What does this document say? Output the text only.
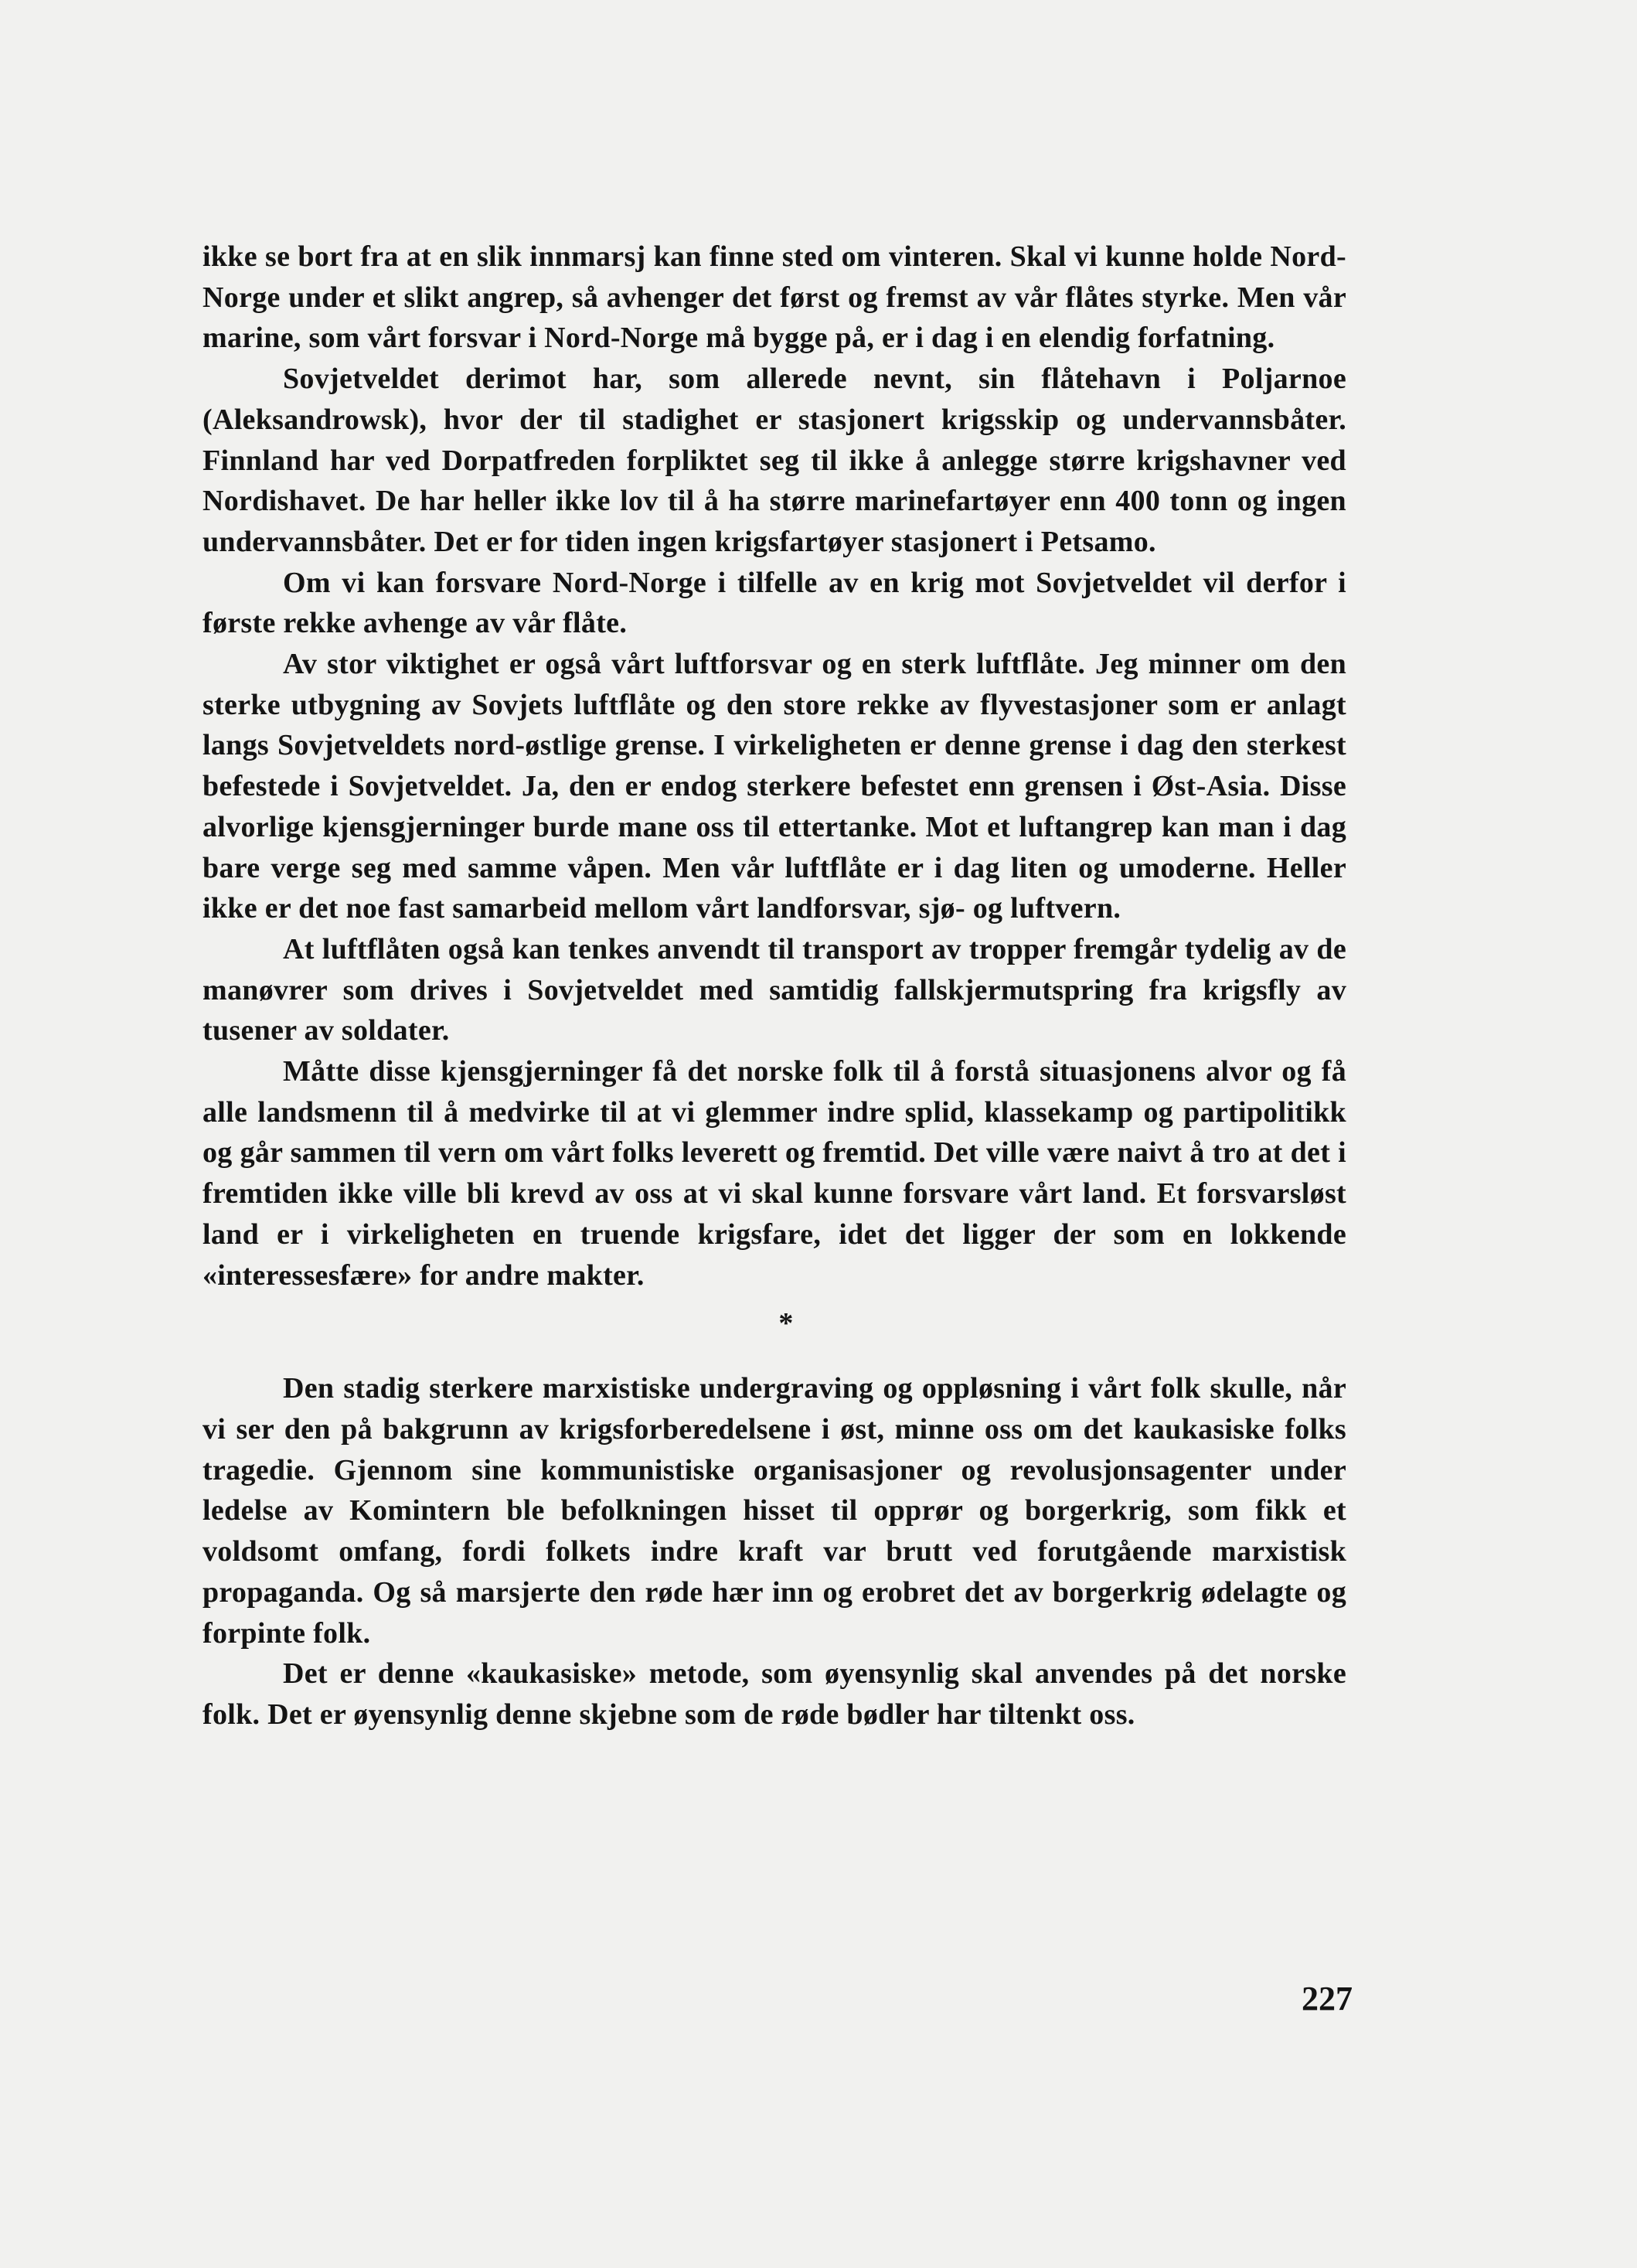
ikke se bort fra at en slik innmarsj kan finne sted om vinteren. Skal vi kunne holde Nord-Norge under et slikt angrep, så avhenger det først og fremst av vår flåtes styrke. Men vår marine, som vårt forsvar i Nord-Norge må bygge på, er i dag i en elendig forfatning.

Sovjetveldet derimot har, som allerede nevnt, sin flåtehavn i Poljarnoe (Aleksandrowsk), hvor der til stadighet er stasjonert krigsskip og undervannsbåter. Finnland har ved Dorpatfreden forpliktet seg til ikke å anlegge større krigshavner ved Nordishavet. De har heller ikke lov til å ha større marinefartøyer enn 400 tonn og ingen undervannsbåter. Det er for tiden ingen krigsfartøyer stasjonert i Petsamo.

Om vi kan forsvare Nord-Norge i tilfelle av en krig mot Sovjetveldet vil derfor i første rekke avhenge av vår flåte.

Av stor viktighet er også vårt luftforsvar og en sterk luftflåte. Jeg minner om den sterke utbygning av Sovjets luftflåte og den store rekke av flyvestasjoner som er anlagt langs Sovjetveldets nord-østlige grense. I virkeligheten er denne grense i dag den sterkest befestede i Sovjetveldet. Ja, den er endog sterkere befestet enn grensen i Øst-Asia. Disse alvorlige kjensgjerninger burde mane oss til ettertanke. Mot et luftangrep kan man i dag bare verge seg med samme våpen. Men vår luftflåte er i dag liten og umoderne. Heller ikke er det noe fast samarbeid mellom vårt landforsvar, sjø- og luftvern.

At luftflåten også kan tenkes anvendt til transport av tropper fremgår tydelig av de manøvrer som drives i Sovjetveldet med samtidig fallskjermutspring fra krigsfly av tusener av soldater.

Måtte disse kjensgjerninger få det norske folk til å forstå situasjonens alvor og få alle landsmenn til å medvirke til at vi glemmer indre splid, klassekamp og partipolitikk og går sammen til vern om vårt folks leverett og fremtid. Det ville være naivt å tro at det i fremtiden ikke ville bli krevd av oss at vi skal kunne forsvare vårt land. Et forsvarsløst land er i virkeligheten en truende krigsfare, idet det ligger der som en lokkende «interessesfære» for andre makter.

*

Den stadig sterkere marxistiske undergraving og oppløsning i vårt folk skulle, når vi ser den på bakgrunn av krigsforberedelsene i øst, minne oss om det kaukasiske folks tragedie. Gjennom sine kommunistiske organisasjoner og revolusjonsagenter under ledelse av Komintern ble befolkningen hisset til opprør og borgerkrig, som fikk et voldsomt omfang, fordi folkets indre kraft var brutt ved forutgående marxistisk propaganda. Og så marsjerte den røde hær inn og erobret det av borgerkrig ødelagte og forpinte folk.

Det er denne «kaukasiske» metode, som øyensynlig skal anvendes på det norske folk. Det er øyensynlig denne skjebne som de røde bødler har tiltenkt oss.

227
